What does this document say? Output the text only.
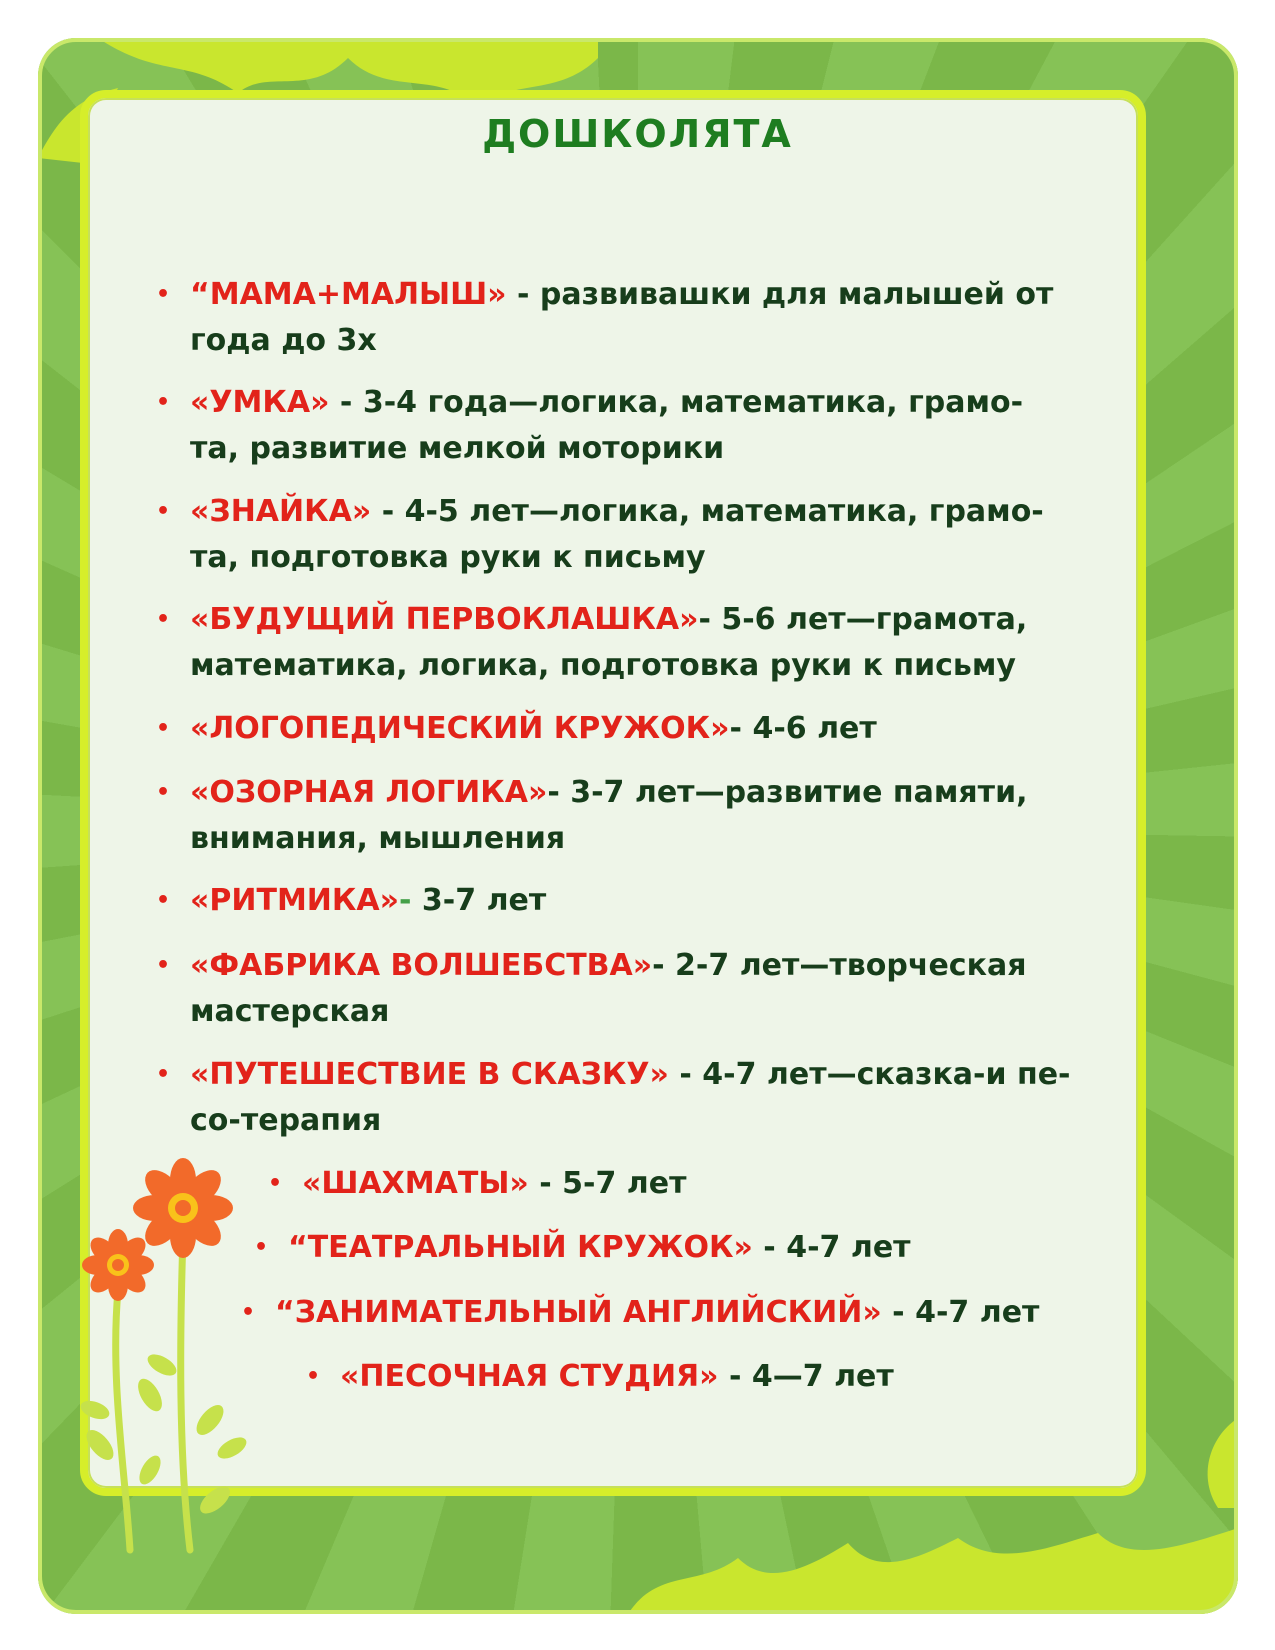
ДОШКОЛЯТА
• “МАМА+МАЛЫШ» - развивашки для малышей от
года до 3х
• «УМКА» - 3-4 года—логика, математика, грамо-
та, развитие мелкой моторики
• «ЗНАЙКА» - 4-5 лет—логика, математика, грамо-
та, подготовка руки к письму
• «БУДУЩИЙ ПЕРВОКЛАШКА»- 5-6 лет—грамота,
математика, логика, подготовка руки к письму
• «ЛОГОПЕДИЧЕСКИЙ КРУЖОК»- 4-6 лет
• «ОЗОРНАЯ ЛОГИКА»- 3-7 лет—развитие памяти,
внимания, мышления
• «РИТМИКА»- 3-7 лет
• «ФАБРИКА ВОЛШЕБСТВА»- 2-7 лет—творческая
мастерская
• «ПУТЕШЕСТВИЕ В СКАЗКУ» - 4-7 лет—сказка-и пе-
со-терапия
• «ШАХМАТЫ» - 5-7 лет
• “ТЕАТРАЛЬНЫЙ КРУЖОК» - 4-7 лет
• “ЗАНИМАТЕЛЬНЫЙ АНГЛИЙСКИЙ» - 4-7 лет
• «ПЕСОЧНАЯ СТУДИЯ» - 4—7 лет
